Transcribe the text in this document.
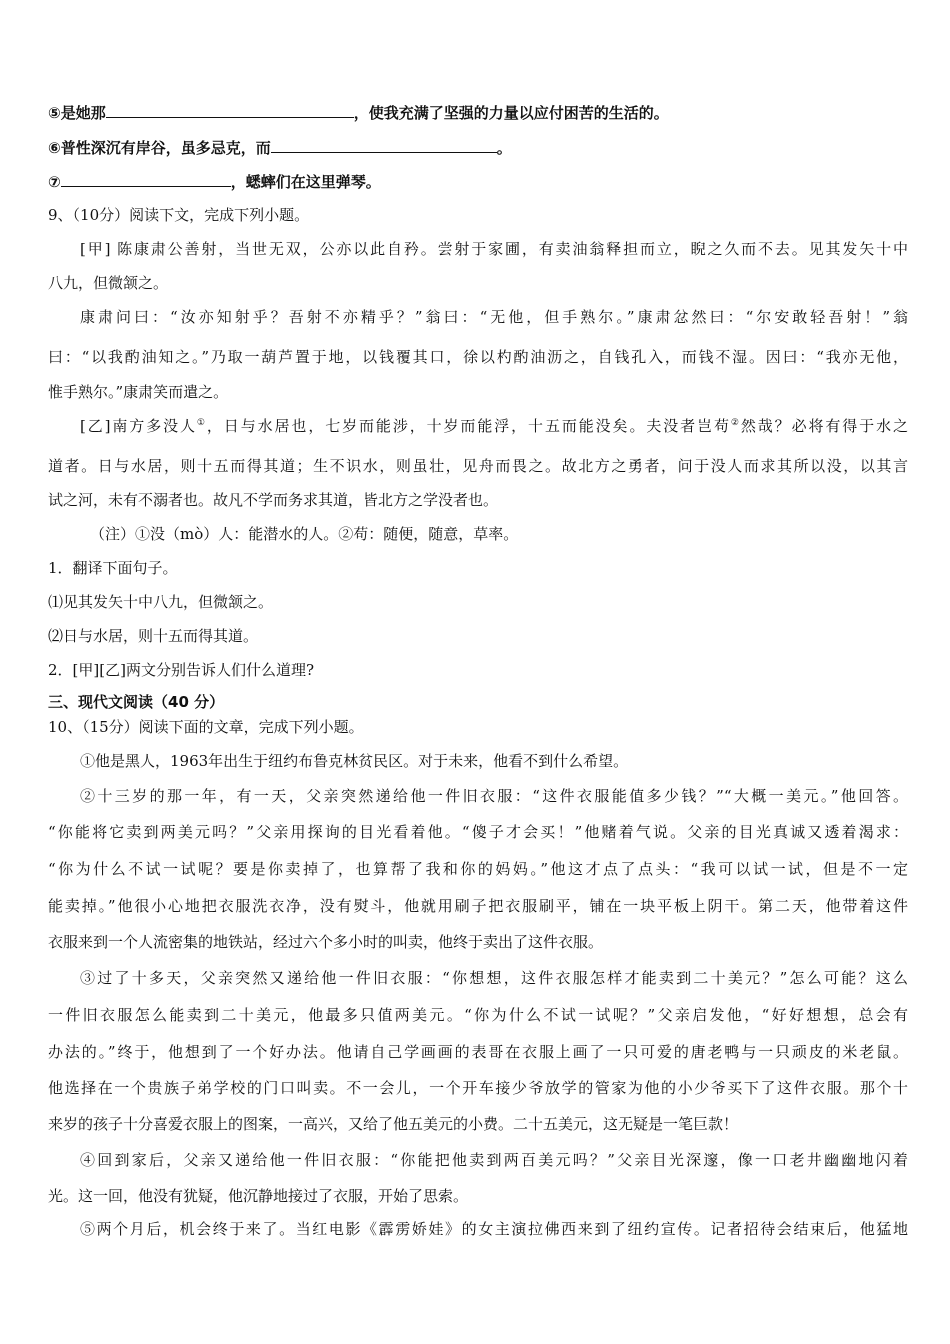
⑤是她那	，使我充满了坚强的力量以应付困苦的生活的。
⑥普性深沉有岸谷，虽多忌克，而	。
⑦	，蟋蟀们在这里弹琴。
9、（10分）阅读下文，完成下列小题。
[甲] 陈康肃公善射，当世无双，公亦以此自矜。尝射于家圃，有卖油翁释担而立，睨之久而不去。见其发矢十中
八九，但微颔之。
康肃问曰：“汝亦知射乎？吾射不亦精乎？”翁曰：“无他，但手熟尔。”康肃忿然曰：“尔安敢轻吾射！”翁
曰：“以我酌油知之。”乃取一葫芦置于地，以钱覆其口，徐以杓酌油沥之，自钱孔入，而钱不湿。因曰：“我亦无他，
惟手熟尔。”康肃笑而遣之。
[乙]南方多没人①，日与水居也，七岁而能涉，十岁而能浮，十五而能没矣。夫没者岂苟②然哉？必将有得于水之
道者。日与水居，则十五而得其道；生不识水，则虽壮，见舟而畏之。故北方之勇者，问于没人而求其所以没，以其言
试之河，未有不溺者也。故凡不学而务求其道，皆北方之学没者也。
（注）①没（mò）人：能潜水的人。②苟：随便，随意，草率。
1．翻译下面句子。
⑴见其发矢十中八九，但微颔之。
⑵日与水居，则十五而得其道。
2．[甲][乙]两文分别告诉人们什么道理?
三、现代文阅读（40 分）
10、（15分）阅读下面的文章，完成下列小题。
①他是黑人，1963年出生于纽约布鲁克林贫民区。对于未来，他看不到什么希望。
②十三岁的那一年，有一天，父亲突然递给他一件旧衣服：“这件衣服能值多少钱？”“大概一美元。”他回答。
“你能将它卖到两美元吗？”父亲用探询的目光看着他。“傻子才会买！”他赌着气说。父亲的目光真诚又透着渴求：
“你为什么不试一试呢？要是你卖掉了，也算帮了我和你的妈妈。”他这才点了点头：“我可以试一试，但是不一定
能卖掉。”他很小心地把衣服洗衣净，没有熨斗，他就用刷子把衣服刷平，铺在一块平板上阴干。第二天，他带着这件
衣服来到一个人流密集的地铁站，经过六个多小时的叫卖，他终于卖出了这件衣服。
③过了十多天，父亲突然又递给他一件旧衣服：“你想想，这件衣服怎样才能卖到二十美元？”怎么可能？这么
一件旧衣服怎么能卖到二十美元，他最多只值两美元。“你为什么不试一试呢？”父亲启发他，“好好想想，总会有
办法的。”终于，他想到了一个好办法。他请自己学画画的表哥在衣服上画了一只可爱的唐老鸭与一只顽皮的米老鼠。
他选择在一个贵族子弟学校的门口叫卖。不一会儿，一个开车接少爷放学的管家为他的小少爷买下了这件衣服。那个十
来岁的孩子十分喜爱衣服上的图案，一高兴，又给了他五美元的小费。二十五美元，这无疑是一笔巨款！
④回到家后，父亲又递给他一件旧衣服：“你能把他卖到两百美元吗？”父亲目光深邃，像一口老井幽幽地闪着
光。这一回，他没有犹疑，他沉静地接过了衣服，开始了思索。
⑤两个月后，机会终于来了。当红电影《霹雳娇娃》的女主演拉佛西来到了纽约宣传。记者招待会结束后，他猛地
